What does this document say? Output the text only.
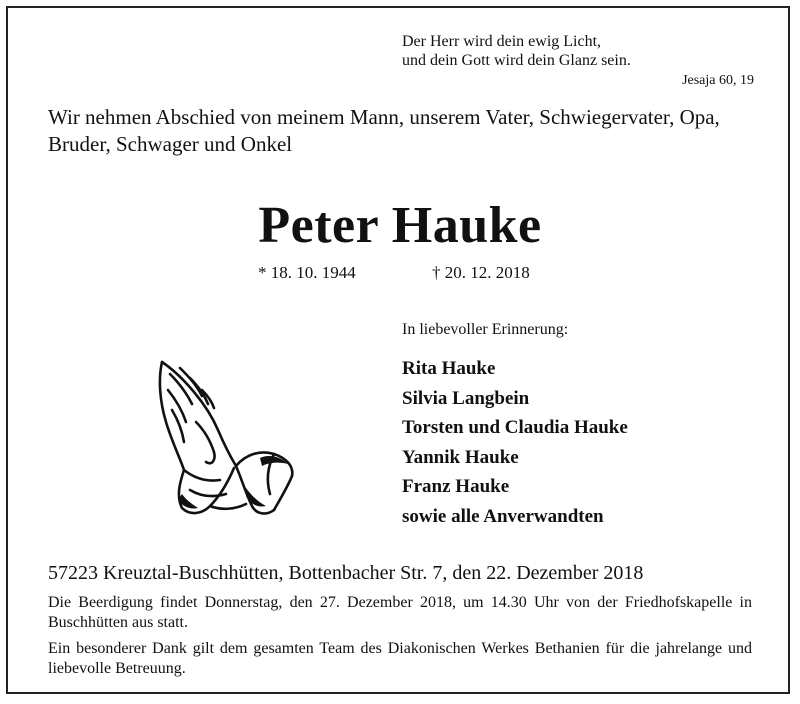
Der Herr wird dein ewig Licht,
und dein Gott wird dein Glanz sein.
Jesaja 60, 19
Wir nehmen Abschied von meinem Mann, unserem Vater, Schwiegervater, Opa, Bruder, Schwager und Onkel
Peter Hauke
* 18. 10. 1944	† 20. 12. 2018
In liebevoller Erinnerung:
Rita Hauke
Silvia Langbein
Torsten und Claudia Hauke
Yannik Hauke
Franz Hauke
sowie alle Anverwandten
57223 Kreuztal-Buschhütten, Bottenbacher Str. 7, den 22. Dezember 2018
Die Beerdigung findet Donnerstag, den 27. Dezember 2018, um 14.30 Uhr von der Friedhofskapelle in Buschhütten aus statt.
Ein besonderer Dank gilt dem gesamten Team des Diakonischen Werkes Bethanien für die jahrelange und liebevolle Betreuung.
